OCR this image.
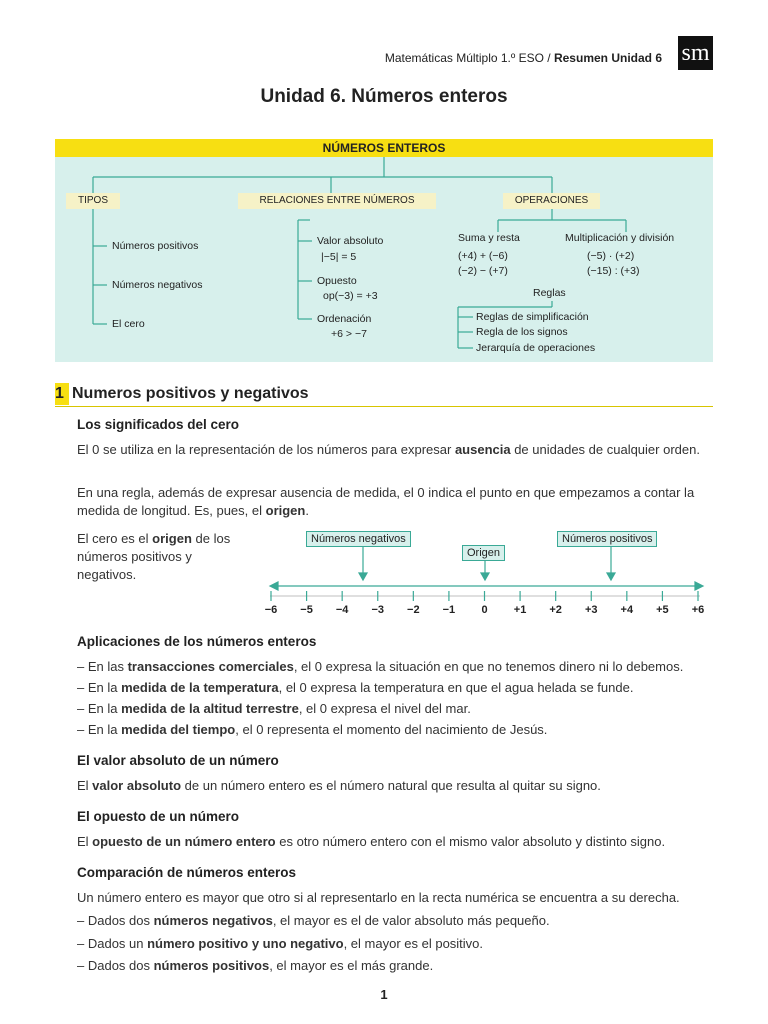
Matemáticas Múltiplo 1.º ESO / Resumen Unidad 6 sm
Unidad 6. Números enteros
NÚMEROS ENTEROS
TIPOS	RELACIONES ENTRE NÚMEROS	OPERACIONES
Números positivos
Números negativos
El cero
Valor absoluto
|−5| = 5
Opuesto
op(−3) = +3
Ordenación
+6 > −7
Suma y resta
(+4) + (−6)
(−2) − (+7)
Multiplicación y división
(−5) · (+2)
(−15) : (+3)
Reglas
Reglas de simplificación
Regla de los signos
Jerarquía de operaciones
1 Numeros positivos y negativos
Los significados del cero
El 0 se utiliza en la representación de los números para expresar ausencia de unidades de cualquier orden.
En una regla, además de expresar ausencia de medida, el 0 indica el punto en que empezamos a contar la medida de longitud. Es, pues, el origen.
El cero es el origen de los números positivos y negativos.
Números negativos
Origen
Números positivos
−6	−5	−4	−3	−2	−1	0	+1	+2	+3	+4	+5	+6
Aplicaciones de los números enteros
– En las transacciones comerciales, el 0 expresa la situación en que no tenemos dinero ni lo debemos.
– En la medida de la temperatura, el 0 expresa la temperatura en que el agua helada se funde.
– En la medida de la altitud terrestre, el 0 expresa el nivel del mar.
– En la medida del tiempo, el 0 representa el momento del nacimiento de Jesús.
El valor absoluto de un número
El valor absoluto de un número entero es el número natural que resulta al quitar su signo.
El opuesto de un número
El opuesto de un número entero es otro número entero con el mismo valor absoluto y distinto signo.
Comparación de números enteros
Un número entero es mayor que otro si al representarlo en la recta numérica se encuentra a su derecha.
– Dados dos números negativos, el mayor es el de valor absoluto más pequeño.
– Dados un número positivo y uno negativo, el mayor es el positivo.
– Dados dos números positivos, el mayor es el más grande.
1
